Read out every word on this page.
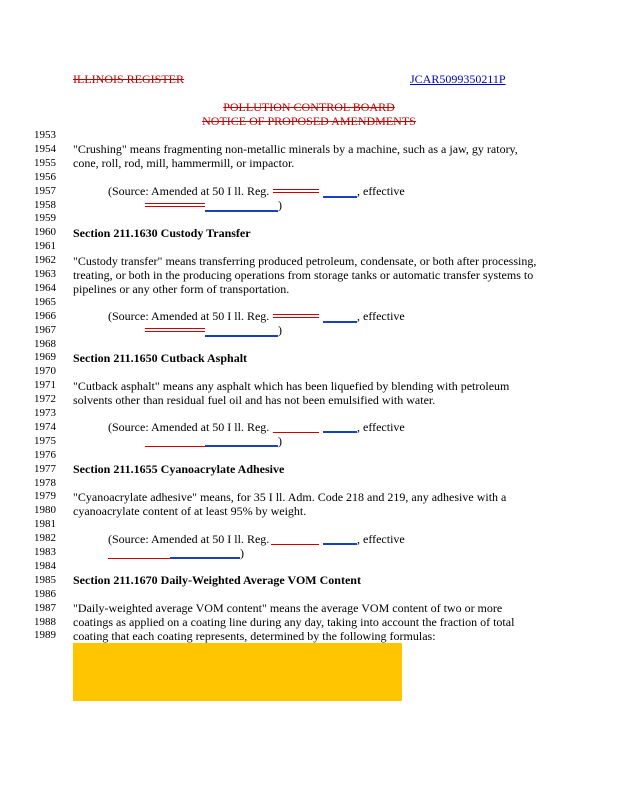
ILLINOIS REGISTER	JCAR5099350211P
POLLUTION CONTROL BOARD
NOTICE OF PROPOSED AMENDMENTS
1953
1954
1955
1956
1957
1958
1959
1960
1961
1962
1963
1964
1965
1966
1967
1968
1969
1970
1971
1972
1973
1974
1975
1976
1977
1978
1979
1980
1981
1982
1983
1984
1985
1986
1987
1988
1989
"Crushing" means fragmenting non-metallic minerals by a machine, such as a jaw, gy ratory,
cone, roll, rod, mill, hammermill, or impactor.
(Source: Amended at 50 I ll. Reg.	, effective
)
Section 211.1630 Custody Transfer
"Custody transfer" means transferring produced petroleum, condensate, or both after processing,
treating, or both in the producing operations from storage tanks or automatic transfer systems to
pipelines or any other form of transportation.
(Source: Amended at 50 I ll. Reg.	, effective
)
Section 211.1650 Cutback Asphalt
"Cutback asphalt" means any asphalt which has been liquefied by blending with petroleum
solvents other than residual fuel oil and has not been emulsified with water.
(Source: Amended at 50 I ll. Reg.	, effective
)
Section 211.1655 Cyanoacrylate Adhesive
"Cyanoacrylate adhesive" means, for 35 I ll. Adm. Code 218 and 219, any adhesive with a
cyanoacrylate content of at least 95% by weight.
(Source: Amended at 50 I ll. Reg.	, effective
)
Section 211.1670 Daily-Weighted Average VOM Content
"Daily-weighted average VOM content" means the average VOM content of two or more
coatings as applied on a coating line during any day, taking into account the fraction of total
coating that each coating represents, determined by the following formulas:
